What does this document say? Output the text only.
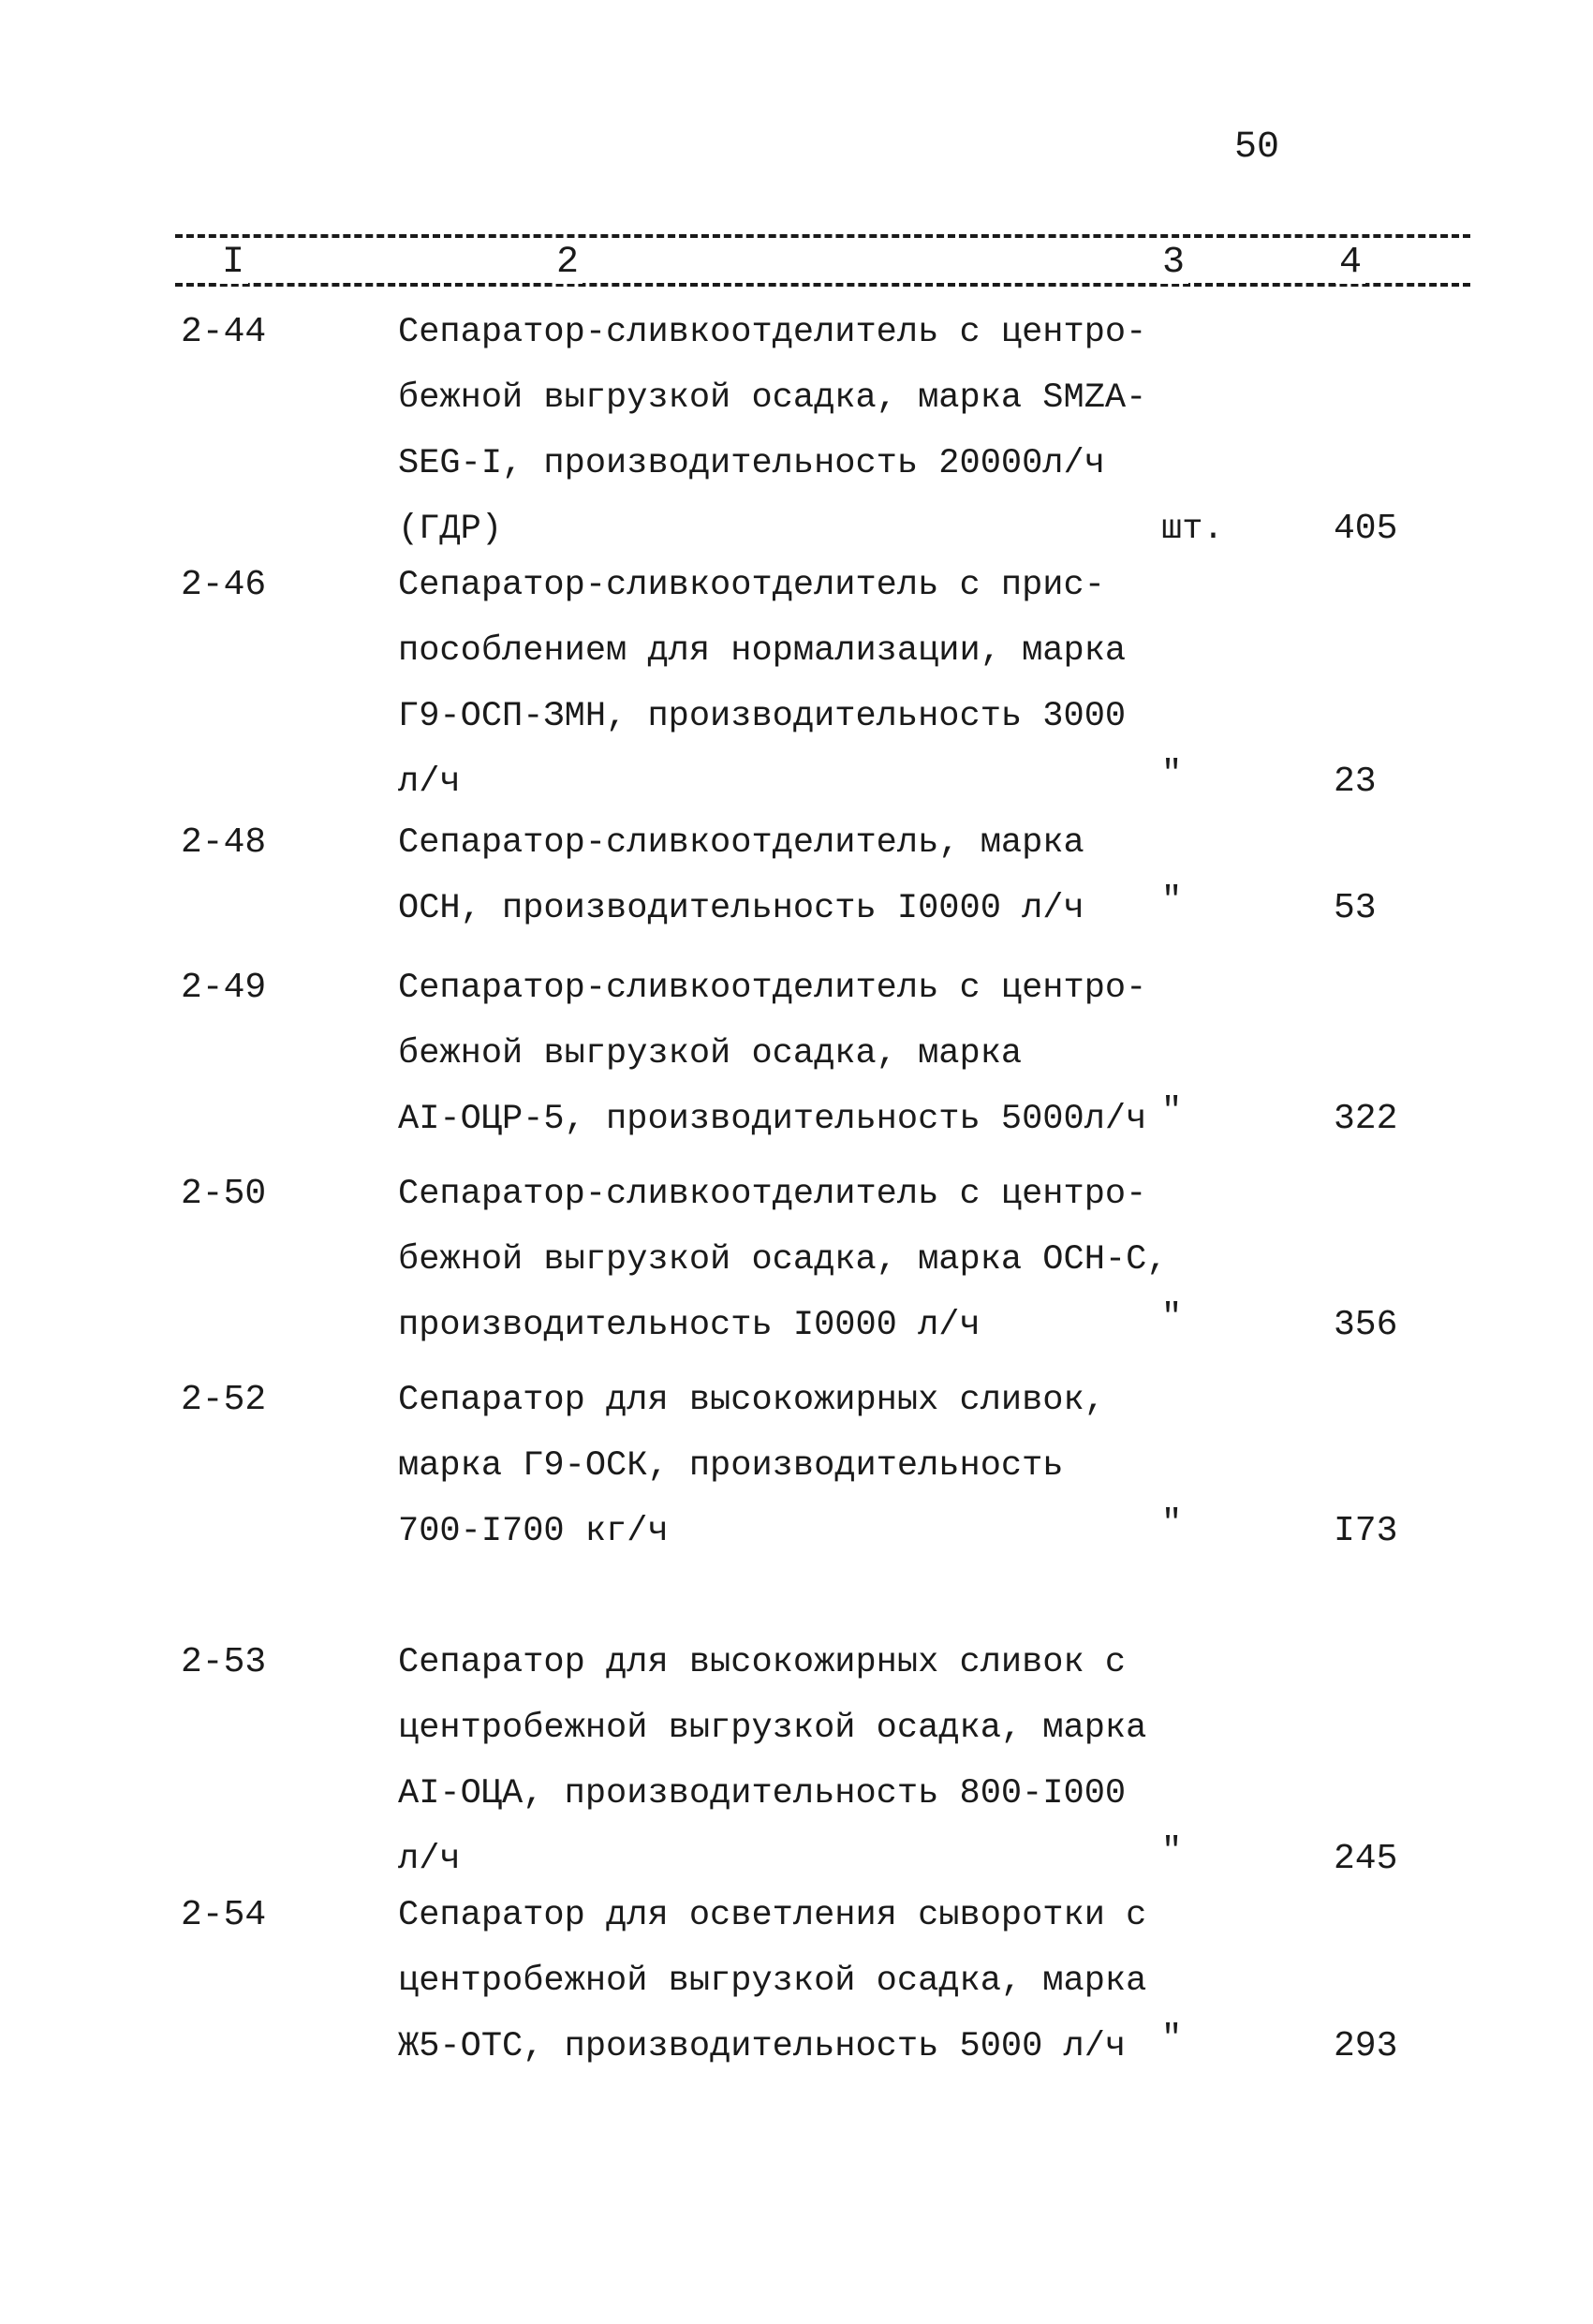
50
I	2	3	4
2-44	Сепаратор-сливкоотделитель с центро-
бежной выгрузкой осадка, марка SMZA-
SEG-I, производительность 20000л/ч
(ГДР)	шт.	405
2-46	Сепаратор-сливкоотделитель с прис-
пособлением для нормализации, марка
Г9-ОСП-ЗМН, производительность 3000
л/ч	"	23
2-48	Сепаратор-сливкоотделитель, марка
ОСН, производительность I0000 л/ч	"	53
2-49	Сепаратор-сливкоотделитель с центро-
бежной выгрузкой осадка, марка
AI-ОЦР-5, производительность 5000л/ч "	322
2-50	Сепаратор-сливкоотделитель с центро-
бежной выгрузкой осадка, марка ОСН-С,
производительность I0000 л/ч	"	356
2-52	Сепаратор для высокожирных сливок,
марка Г9-ОСК, производительность
700-I700 кг/ч	"	I73
2-53	Сепаратор для высокожирных сливок с
центробежной выгрузкой осадка, марка
AI-ОЦА, производительность 800-I000
л/ч	"	245
2-54	Сепаратор для осветления сыворотки с
центробежной выгрузкой осадка, марка
Ж5-ОТС, производительность 5000 л/ч	"	293
